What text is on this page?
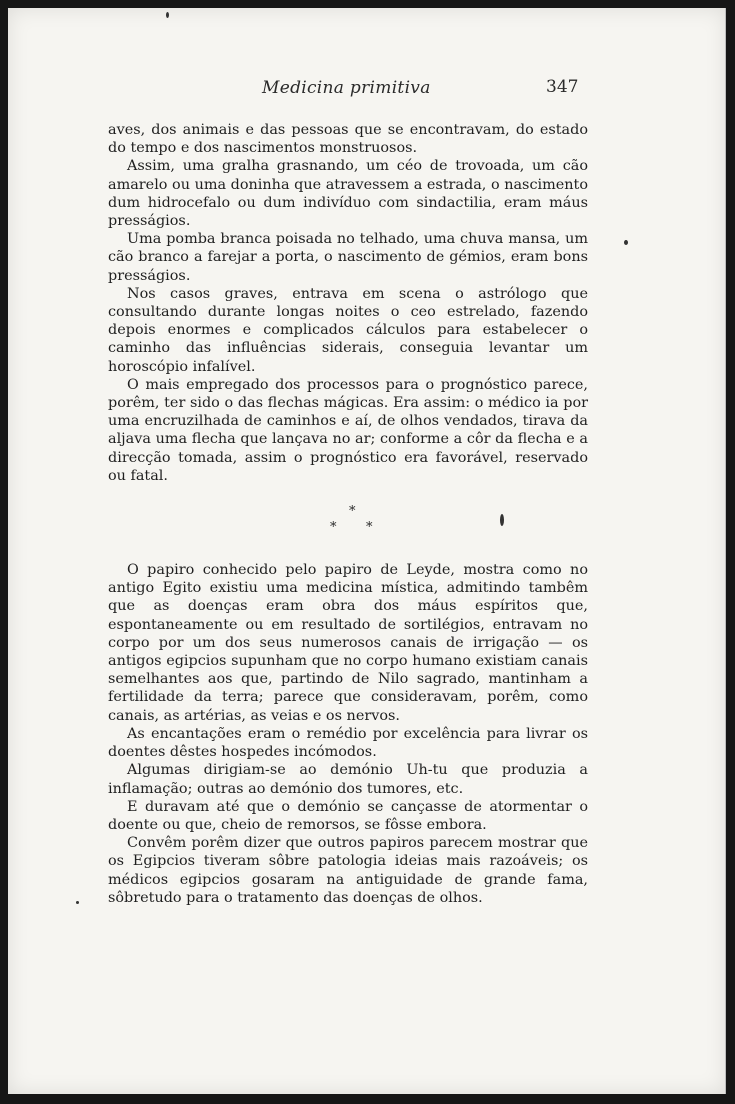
Medicina primitiva	347

aves, dos animais e das pessoas que se encontravam, do estado do tempo e dos nascimentos monstruosos.

Assim, uma gralha grasnando, um céo de trovoada, um cão amarelo ou uma doninha que atravessem a estrada, o nascimento dum hidrocefalo ou dum indivíduo com sindactilia, eram máus presságios.

Uma pomba branca poisada no telhado, uma chuva mansa, um cão branco a farejar a porta, o nascimento de gémios, eram bons presságios.

Nos casos graves, entrava em scena o astrólogo que consultando durante longas noites o ceo estrelado, fazendo depois enormes e complicados cálculos para estabelecer o caminho das influências siderais, conseguia levantar um horoscópio infalível.

O mais empregado dos processos para o prognóstico parece, porêm, ter sido o das flechas mágicas. Era assim: o médico ia por uma encruzilhada de caminhos e aí, de olhos vendados, tirava da aljava uma flecha que lançava no ar; conforme a côr da flecha e a direcção tomada, assim o prognóstico era favorável, reservado ou fatal.

*
* *

O papiro conhecido pelo papiro de Leyde, mostra como no antigo Egito existiu uma medicina mística, admitindo tambêm que as doenças eram obra dos máus espíritos que, espontaneamente ou em resultado de sortilégios, entravam no corpo por um dos seus numerosos canais de irrigação — os antigos egipcios supunham que no corpo humano existiam canais semelhantes aos que, partindo de Nilo sagrado, mantinham a fertilidade da terra; parece que consideravam, porêm, como canais, as artérias, as veias e os nervos.

As encantações eram o remédio por excelência para livrar os doentes dêstes hospedes incómodos.

Algumas dirigiam-se ao demónio Uh-tu que produzia a inflamação; outras ao demónio dos tumores, etc.

E duravam até que o demónio se cançasse de atormentar o doente ou que, cheio de remorsos, se fôsse embora.

Convêm porêm dizer que outros papiros parecem mostrar que os Egipcios tiveram sôbre patologia ideias mais razoáveis; os médicos egipcios gosaram na antiguidade de grande fama, sôbretudo para o tratamento das doenças de olhos.
